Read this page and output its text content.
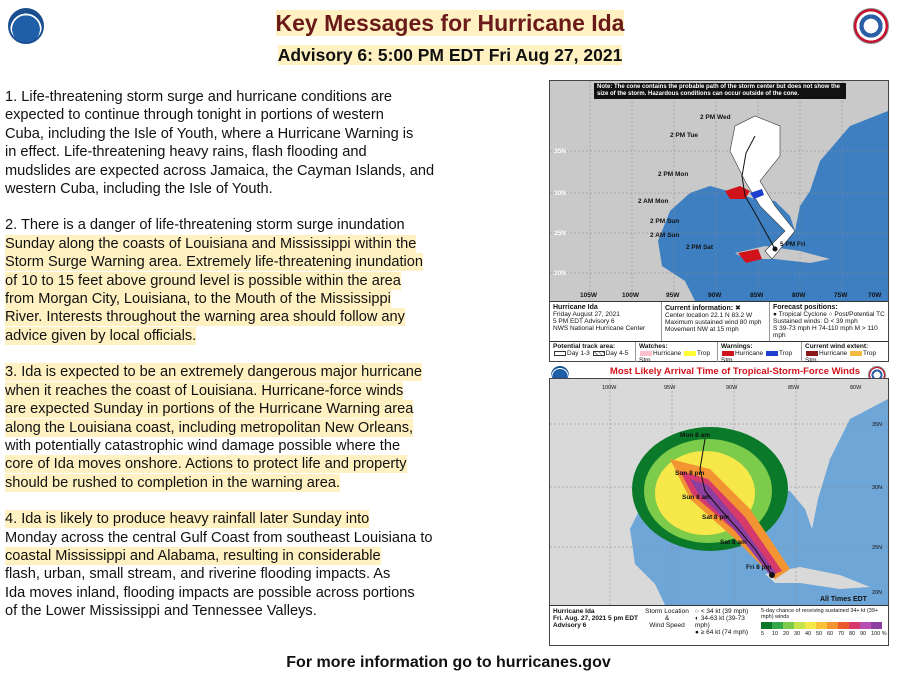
Key Messages for Hurricane Ida
Advisory 6: 5:00 PM EDT Fri Aug 27, 2021
1. Life-threatening storm surge and hurricane conditions are
expected to continue through tonight in portions of western
Cuba, including the Isle of Youth, where a Hurricane Warning is
in effect. Life-threatening heavy rains, flash flooding and
mudslides are expected across Jamaica, the Cayman Islands, and
western Cuba, including the Isle of Youth.
2. There is a danger of life-threatening storm surge inundation
Sunday along the coasts of Louisiana and Mississippi within the
Storm Surge Warning area. Extremely life-threatening inundation
of 10 to 15 feet above ground level is possible within the area
from Morgan City, Louisiana, to the Mouth of the Mississippi
River. Interests throughout the warning area should follow any
advice given by local officials.
3. Ida is expected to be an extremely dangerous major hurricane
when it reaches the coast of Louisiana. Hurricane-force winds
are expected Sunday in portions of the Hurricane Warning area
along the Louisiana coast, including metropolitan New Orleans,
with potentially catastrophic wind damage possible where the
core of Ida moves onshore. Actions to protect life and property
should be rushed to completion in the warning area.
4. Ida is likely to produce heavy rainfall later Sunday into
Monday across the central Gulf Coast from southeast Louisiana to
coastal Mississippi and Alabama, resulting in considerable
flash, urban, small stream, and riverine flooding impacts. As
Ida moves inland, flooding impacts are possible across portions
of the Lower Mississippi and Tennessee Valleys.
35N
30N
25N
20N
105W	100W	95W	90W	85W	80W	75W	70W
2 PM Wed
2 PM Tue
2 PM Mon
2 AM Mon
2 PM Sun
2 AM Sun
2 PM Sat	5 PM Fri
Note: The cone contains the probable path of the storm center but does not show the size of the storm. Hazardous conditions can occur outside of the cone.
Hurricane Ida
Friday August 27, 2021
5 PM EDT Advisory 6
NWS National Hurricane Center
Current information: ✖
Center location 22.1 N 83.2 W
Maximum sustained wind 80 mph
Movement NW at 15 mph
Forecast positions:
● Tropical Cyclone ○ Post/Potential TC
Sustained winds: D < 39 mph
S 39-73 mph H 74-110 mph M > 110 mph
Potential track area:
Day 1-3 Day 4-5
Watches:
Hurricane Trop Stm
Warnings:
Hurricane Trop Stm
Current wind extent:
Hurricane Trop Stm
Most Likely Arrival Time of Tropical-Storm-Force Winds
Mon 8 am
Sun 8 pm
Sun 8 am
Sat 8 pm
Sat 8 am
Fri 8 pm
100W	95W	90W	85W	80W
35N
30N
25N
20N
All Times EDT
Hurricane Ida
Fri. Aug. 27, 2021 5 pm EDT
Advisory 6
Storm Location
&
Wind Speed
○ < 34 kt (39 mph)
◐ 34-63 kt (39-73 mph)
● ≥ 64 kt (74 mph)
5-day chance of receiving sustained 34+ kt (39+ mph) winds
5 10 20 30 40 50 60 70 80 90 100 %
For more information go to hurricanes.gov
